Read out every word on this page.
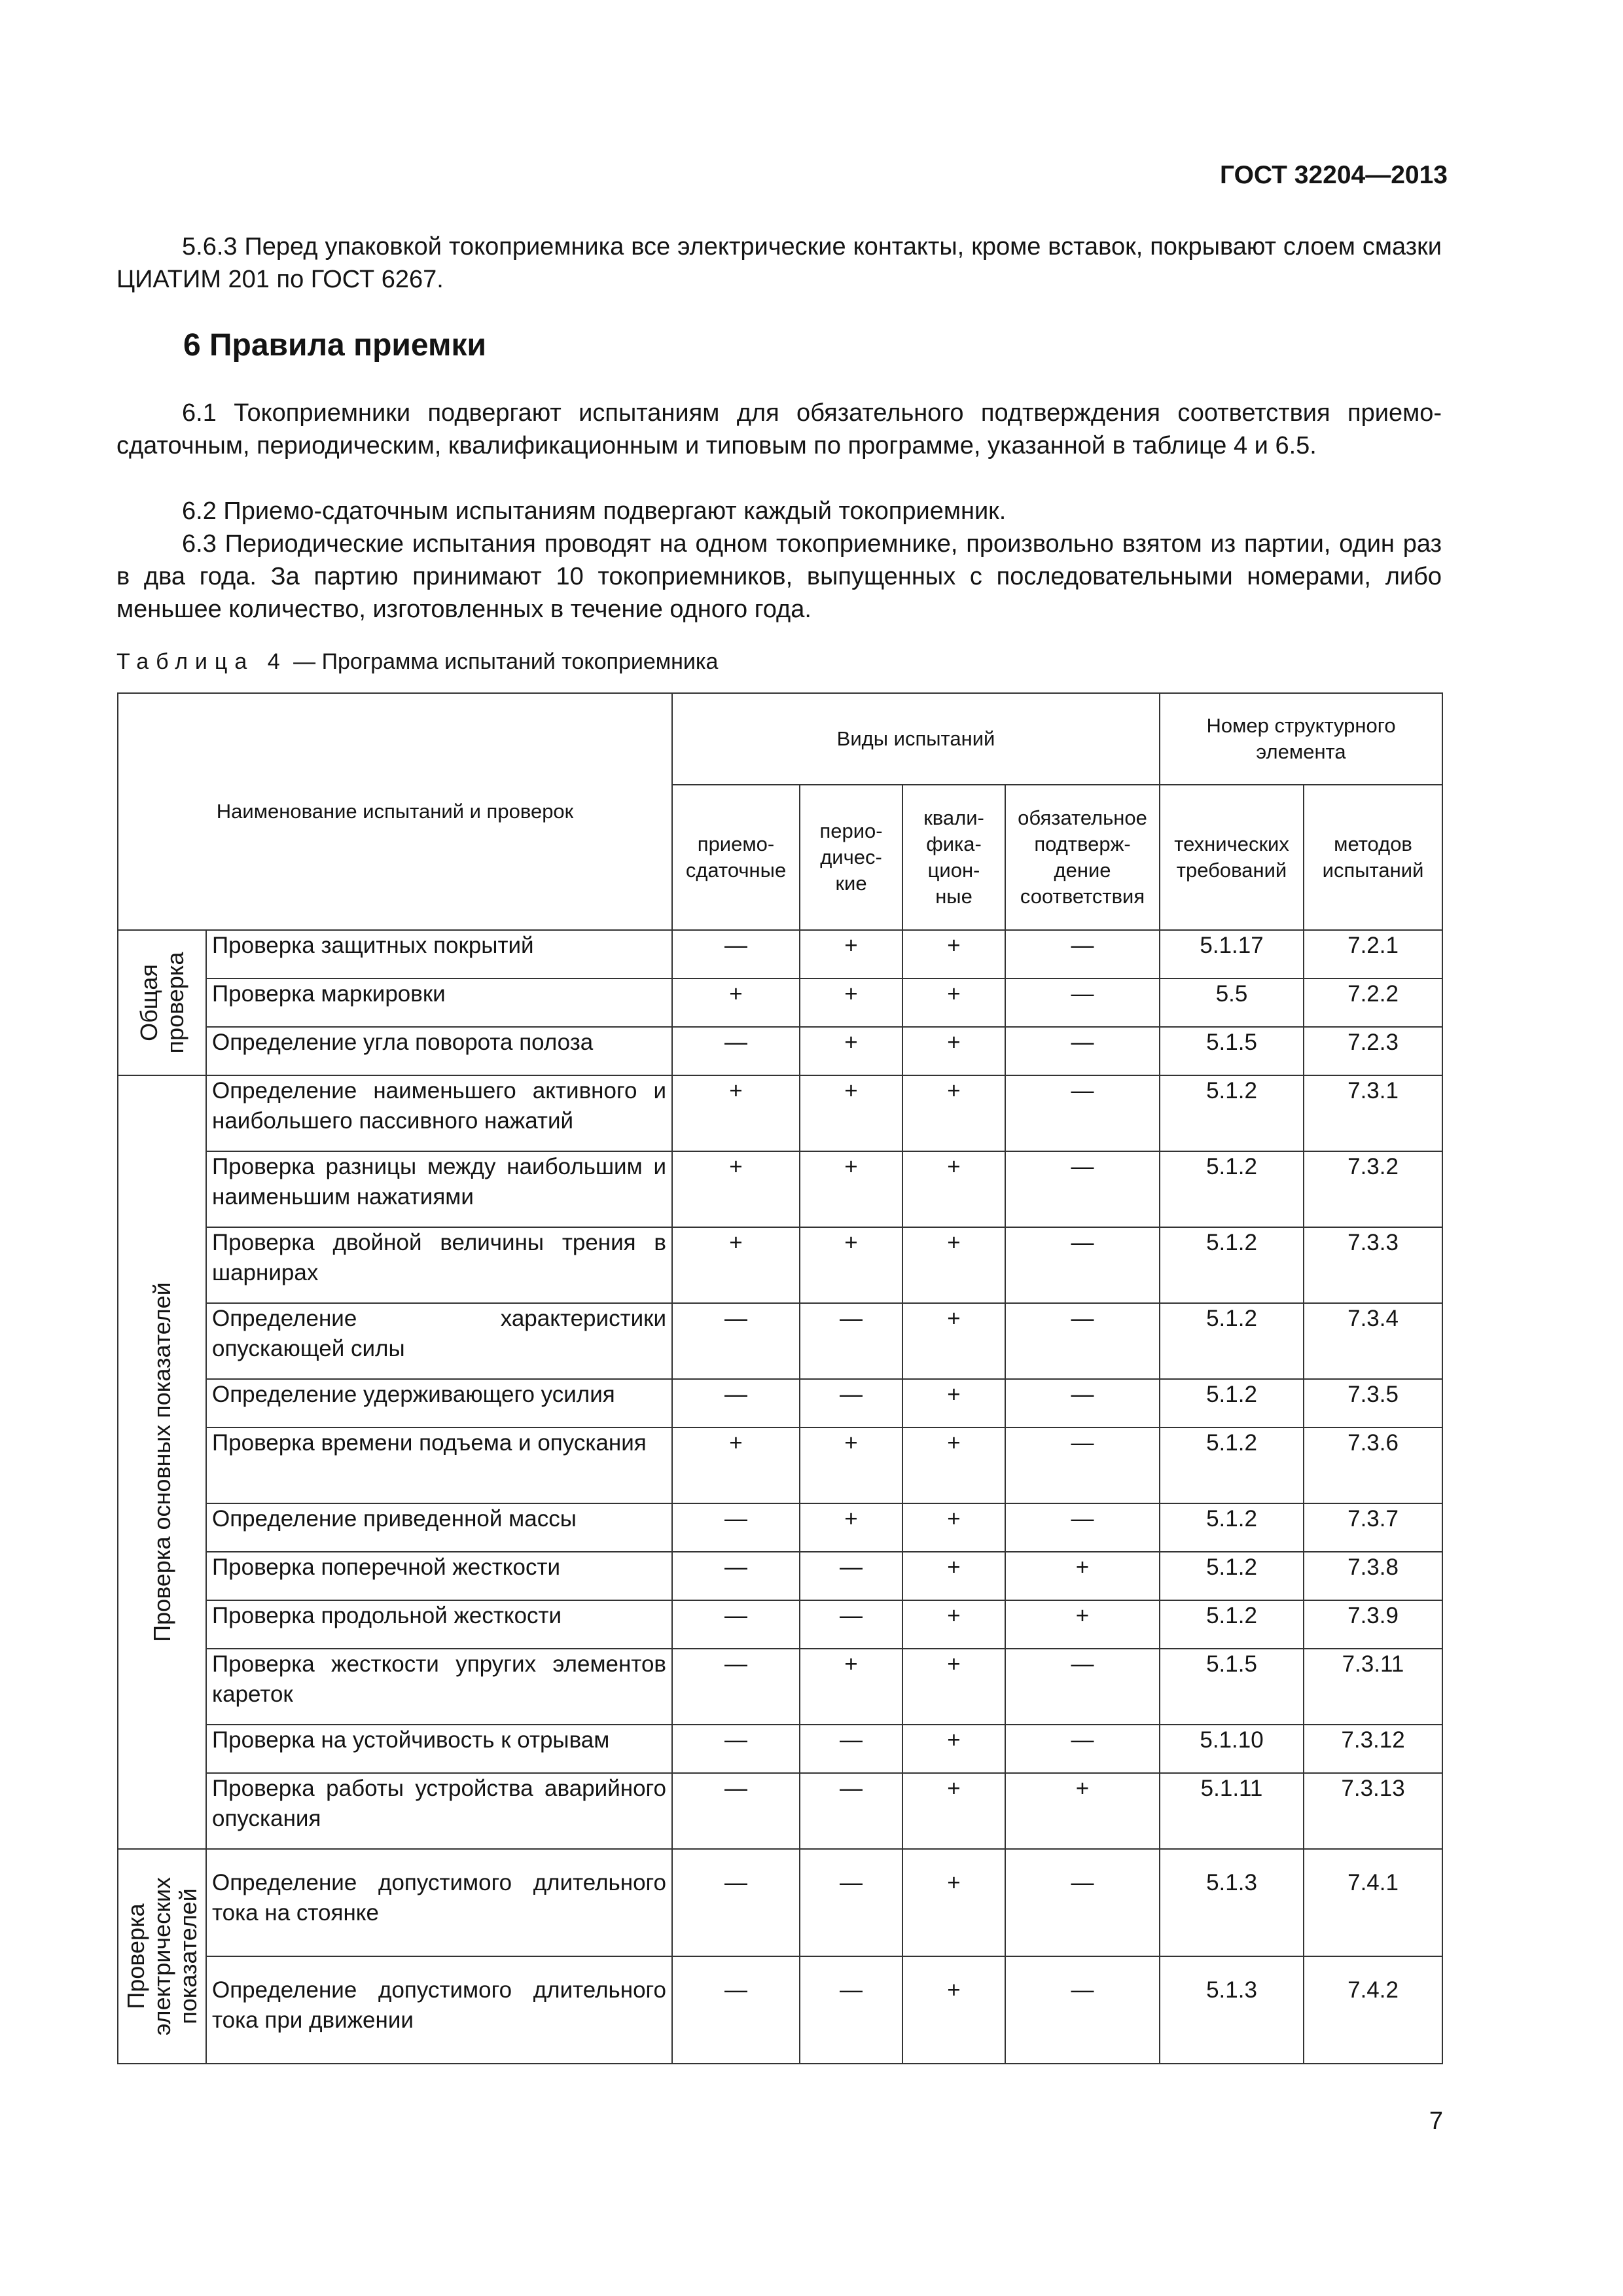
ГОСТ 32204—2013

5.6.3 Перед упаковкой токоприемника все электрические контакты, кроме вставок, покрывают слоем смазки ЦИАТИМ 201 по ГОСТ 6267.

6 Правила приемки

6.1 Токоприемники подвергают испытаниям для обязательного подтверждения соответствия приемо-сдаточным, периодическим, квалификационным и типовым по программе, указанной в таблице 4 и 6.5.

6.2 Приемо-сдаточным испытаниям подвергают каждый токоприемник.

6.3 Периодические испытания проводят на одном токоприемнике, произвольно взятом из партии, один раз в два года. За партию принимают 10 токоприемников, выпущенных с последовательными номерами, либо меньшее количество, изготовленных в течение одного года.

Таблица 4 — Программа испытаний токоприемника
Наименование испытаний и проверок		Виды испытаний				Номер структурного элемента	
		приемо- сдаточные	перио- дичес- кие	квали- фика- цион- ные	обязательное подтверж- дение соответствия	технических требований	методов испытаний

Общая проверка	Проверка защитных покрытий	—	+	+	—	5.1.17	7.2.1
	Проверка маркировки	+	+	+	—	5.5	7.2.2
	Определение угла поворота полоза	—	+	+	—	5.1.5	7.2.3

Проверка основных показателей	Определение наименьшего активного и наибольшего пассивного нажатий	+	+	+	—	5.1.2	7.3.1
	Проверка разницы между наибольшим и наименьшим нажатиями	+	+	+	—	5.1.2	7.3.2
	Проверка двойной величины трения в шарнирах	+	+	+	—	5.1.2	7.3.3
	Определение характеристики опускающей силы	—	—	+	—	5.1.2	7.3.4
	Определение удерживающего усилия	—	—	+	—	5.1.2	7.3.5
	Проверка времени подъема и опускания	+	+	+	—	5.1.2	7.3.6
	Определение приведенной массы	—	+	+	—	5.1.2	7.3.7
	Проверка поперечной жесткости	—	—	+	+	5.1.2	7.3.8
	Проверка продольной жесткости	—	—	+	+	5.1.2	7.3.9
	Проверка жесткости упругих элементов кареток	—	+	+	—	5.1.5	7.3.11
	Проверка на устойчивость к отрывам	—	—	+	—	5.1.10	7.3.12
	Проверка работы устройства аварийного опускания	—	—	+	+	5.1.11	7.3.13

Проверка электрических показателей	Определение допустимого длительного тока на стоянке	—	—	+	—	5.1.3	7.4.1
	Определение допустимого длительного тока при движении	—	—	+	—	5.1.3	7.4.2
7
